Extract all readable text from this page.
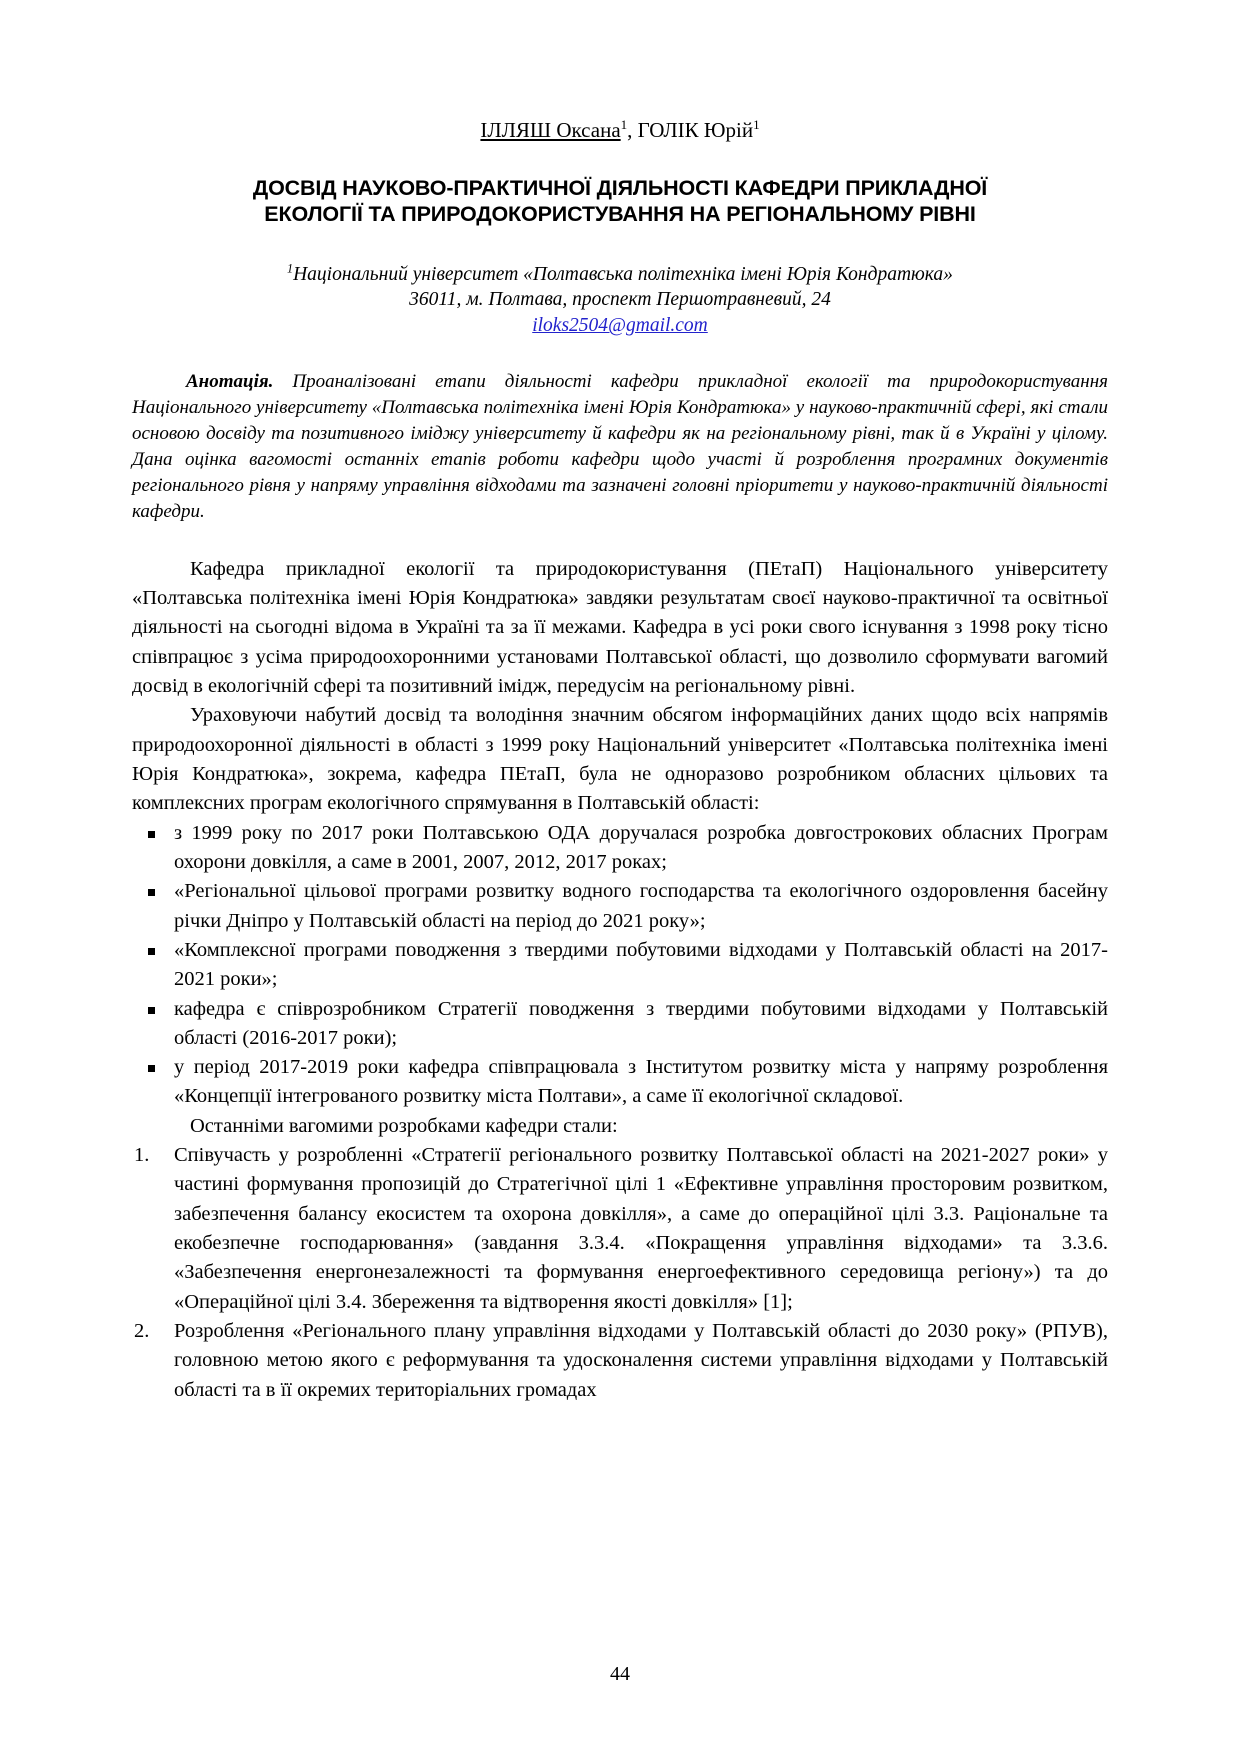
ІЛЛЯШ Оксана$^1$, ГОЛІК Юрій$^1$
ДОСВІД НАУКОВО-ПРАКТИЧНОЇ ДІЯЛЬНОСТІ КАФЕДРИ ПРИКЛАДНОЇ
ЕКОЛОГІЇ ТА ПРИРОДОКОРИСТУВАННЯ НА РЕГІОНАЛЬНОМУ РІВНІ
$^1$Національний університет «Полтавська політехніка імені Юрія Кондратюка»
36011, м. Полтава, проспект Першотравневий, 24
iloks2504@gmail.com

Анотація. Проаналізовані етапи діяльності кафедри прикладної екології та природокористування Національного університету «Полтавська політехніка імені Юрія Кондратюка» у науково-практичній сфері, які стали основою досвіду та позитивного іміджу університету й кафедри як на регіональному рівні, так й в Україні у цілому. Дана оцінка вагомості останніх етапів роботи кафедри щодо участі й розроблення програмних документів регіонального рівня у напряму управління відходами та зазначені головні пріоритети у науково-практичній діяльності кафедри.

Кафедра прикладної екології та природокористування (ПЕтаП) Національного університету «Полтавська політехніка імені Юрія Кондратюка» завдяки результатам своєї науково-практичної та освітньої діяльності на сьогодні відома в Україні та за її межами. Кафедра в усі роки свого існування з 1998 року тісно співпрацює з усіма природоохоронними установами Полтавської області, що дозволило сформувати вагомий досвід в екологічній сфері та позитивний імідж, передусім на регіональному рівні.

Ураховуючи набутий досвід та володіння значним обсягом інформаційних даних щодо всіх напрямів природоохоронної діяльності в області з 1999 року Національний університет «Полтавська політехніка імені Юрія Кондратюка», зокрема, кафедра ПЕтаП, була не одноразово розробником обласних цільових та комплексних програм екологічного спрямування в Полтавській області:

з 1999 року по 2017 роки Полтавською ОДА доручалася розробка довгострокових обласних Програм охорони довкілля, а саме в 2001, 2007, 2012, 2017 роках;
«Регіональної цільової програми розвитку водного господарства та екологічного оздоровлення басейну річки Дніпро у Полтавській області на період до 2021 року»;
«Комплексної програми поводження з твердими побутовими відходами у Полтавській області на 2017-2021 роки»;
кафедра є співрозробником Стратегії поводження з твердими побутовими відходами у Полтавській області (2016-2017 роки);
у період 2017-2019 роки кафедра співпрацювала з Інститутом розвитку міста у напряму розроблення «Концепції інтегрованого розвитку міста Полтави», а саме її екологічної складової.

Останніми вагомими розробками кафедри стали:

1.	Співучасть у розробленні «Стратегії регіонального розвитку Полтавської області на 2021-2027 роки» у частині формування пропозицій до Стратегічної цілі 1 «Ефективне управління просторовим розвитком, забезпечення балансу екосистем та охорона довкілля», а саме до операційної цілі 3.3. Раціональне та екобезпечне господарювання» (завдання 3.3.4. «Покращення управління відходами» та 3.3.6. «Забезпечення енергонезалежності та формування енергоефективного середовища регіону») та до «Операційної цілі 3.4. Збереження та відтворення якості довкілля» [1];
2.	Розроблення «Регіонального плану управління відходами у Полтавській області до 2030 року» (РПУВ), головною метою якого є реформування та удосконалення системи управління відходами у Полтавській області та в її окремих територіальних громадах
44
